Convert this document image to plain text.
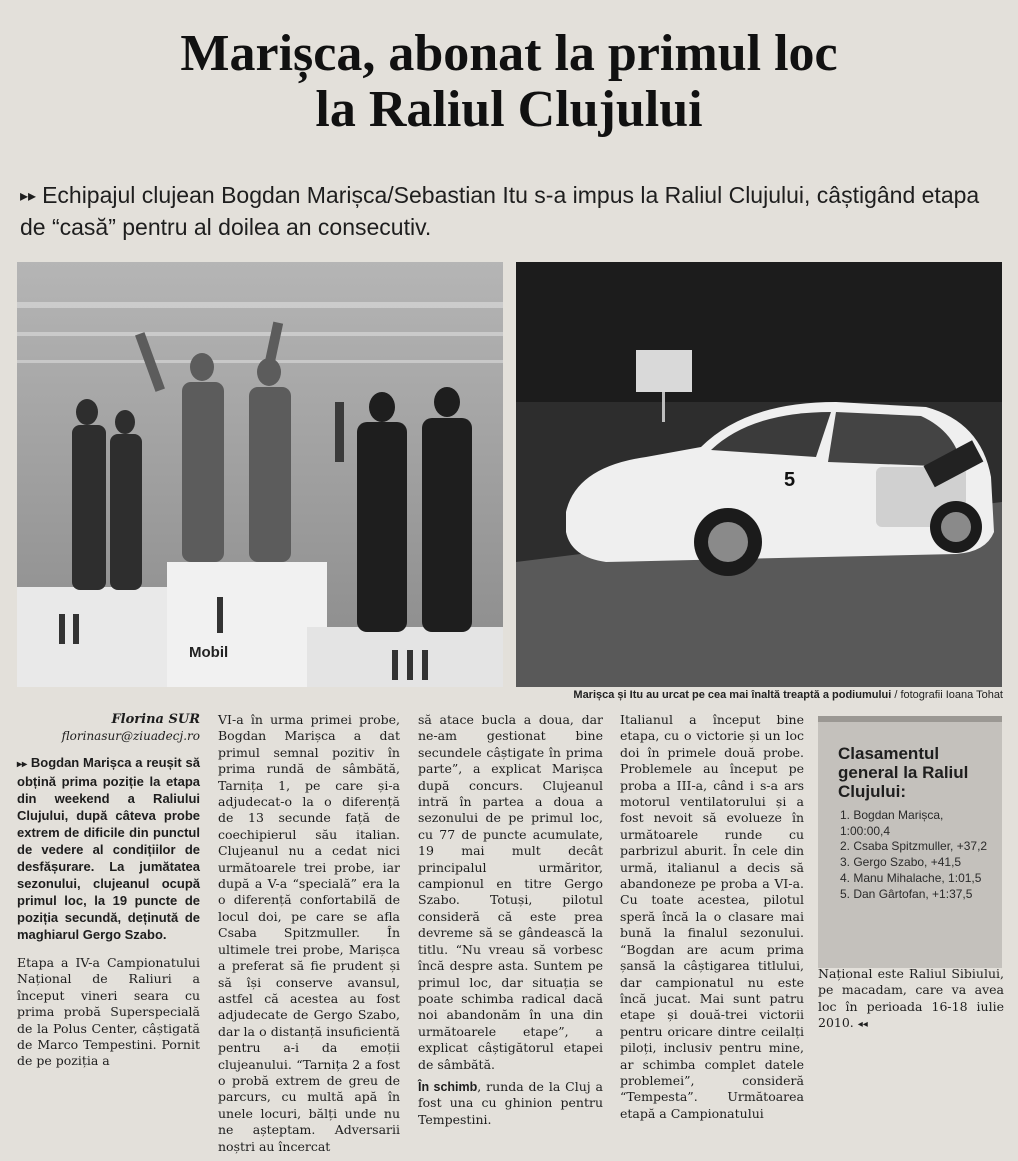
Marișca, abonat la primul loc
la Raliul Clujului

▸▸ Echipajul clujean Bogdan Marișca/Sebastian Itu s-a impus la Raliul Clujului, câștigând etapa de “casă” pentru al doilea an consecutiv.

Mobil
5
Marișca și Itu au urcat pe cea mai înaltă treaptă a podiumului / fotografii Ioana Tohat
Florina SUR
florinasur@ziuadecj.ro
▸▸ Bogdan Marișca a reușit să obțină prima poziție la etapa din weekend a Raliului Clujului, după câteva probe extrem de dificile din punctul de vedere al condițiilor de desfășurare. La jumătatea sezonului, clujeanul ocupă primul loc, la 19 puncte de poziția secundă, deținută de maghiarul Gergo Szabo.

Etapa a IV-a Campionatului Național de Raliuri a început vineri seara cu prima probă Superspecială de la Polus Center, câștigată de Marco Tempestini. Pornit de pe poziția a

VI-a în urma primei probe, Bogdan Marișca a dat primul semnal pozitiv în prima rundă de sâmbătă, Tarnița 1, pe care și-a adjudecat-o la o diferență de 13 secunde față de coechipierul său italian. Clujeanul nu a cedat nici următoarele trei probe, iar după a V-a “specială” era la o diferență confortabilă de locul doi, pe care se afla Csaba Spitzmuller. În ultimele trei probe, Marișca a preferat să fie prudent și să își conserve avansul, astfel că acestea au fost adjudecate de Gergo Szabo, dar la o distanță insuficientă pentru a-i da emoții clujeanului. “Tarnița 2 a fost o probă extrem de greu de parcurs, cu multă apă în unele locuri, bălți unde nu ne așteptam. Adversarii noștri au încercat

să atace bucla a doua, dar ne-am gestionat bine secundele câștigate în prima parte”, a explicat Marișca după concurs. Clujeanul intră în partea a doua a sezonului de pe primul loc, cu 77 de puncte acumulate, 19 mai mult decât principalul urmăritor, campionul en titre Gergo Szabo. Totuși, pilotul consideră că este prea devreme să se gândească la titlu. “Nu vreau să vorbesc încă despre asta. Suntem pe primul loc, dar situația se poate schimba radical dacă noi abandonăm în una din următoarele etape”, a explicat câștigătorul etapei de sâmbătă.

În schimb, runda de la Cluj a fost una cu ghinion pentru Tempestini.

Italianul a început bine etapa, cu o victorie și un loc doi în primele două probe. Problemele au început pe proba a III-a, când i s-a ars motorul ventilatorului și a fost nevoit să evolueze în următoarele runde cu parbrizul aburit. În cele din urmă, italianul a decis să abandoneze pe proba a VI-a. Cu toate acestea, pilotul speră încă la o clasare mai bună la finalul sezonului. “Bogdan are acum prima șansă la câștigarea titlului, dar campionatul nu este încă jucat. Mai sunt patru etape și două-trei victorii pentru oricare dintre ceilalți piloți, inclusiv pentru mine, ar schimba complet datele problemei”, consideră “Tempesta”. Următoarea etapă a Campionatului

Clasamentul general la Raliul Clujului:
1. Bogdan Marișca, 1:00:00,4
2. Csaba Spitzmuller, +37,2
3. Gergo Szabo, +41,5
4. Manu Mihalache, 1:01,5
5. Dan Gârtofan, +1:37,5

Național este Raliul Sibiului, pe macadam, care va avea loc în perioada 16-18 iulie 2010. ◂◂
